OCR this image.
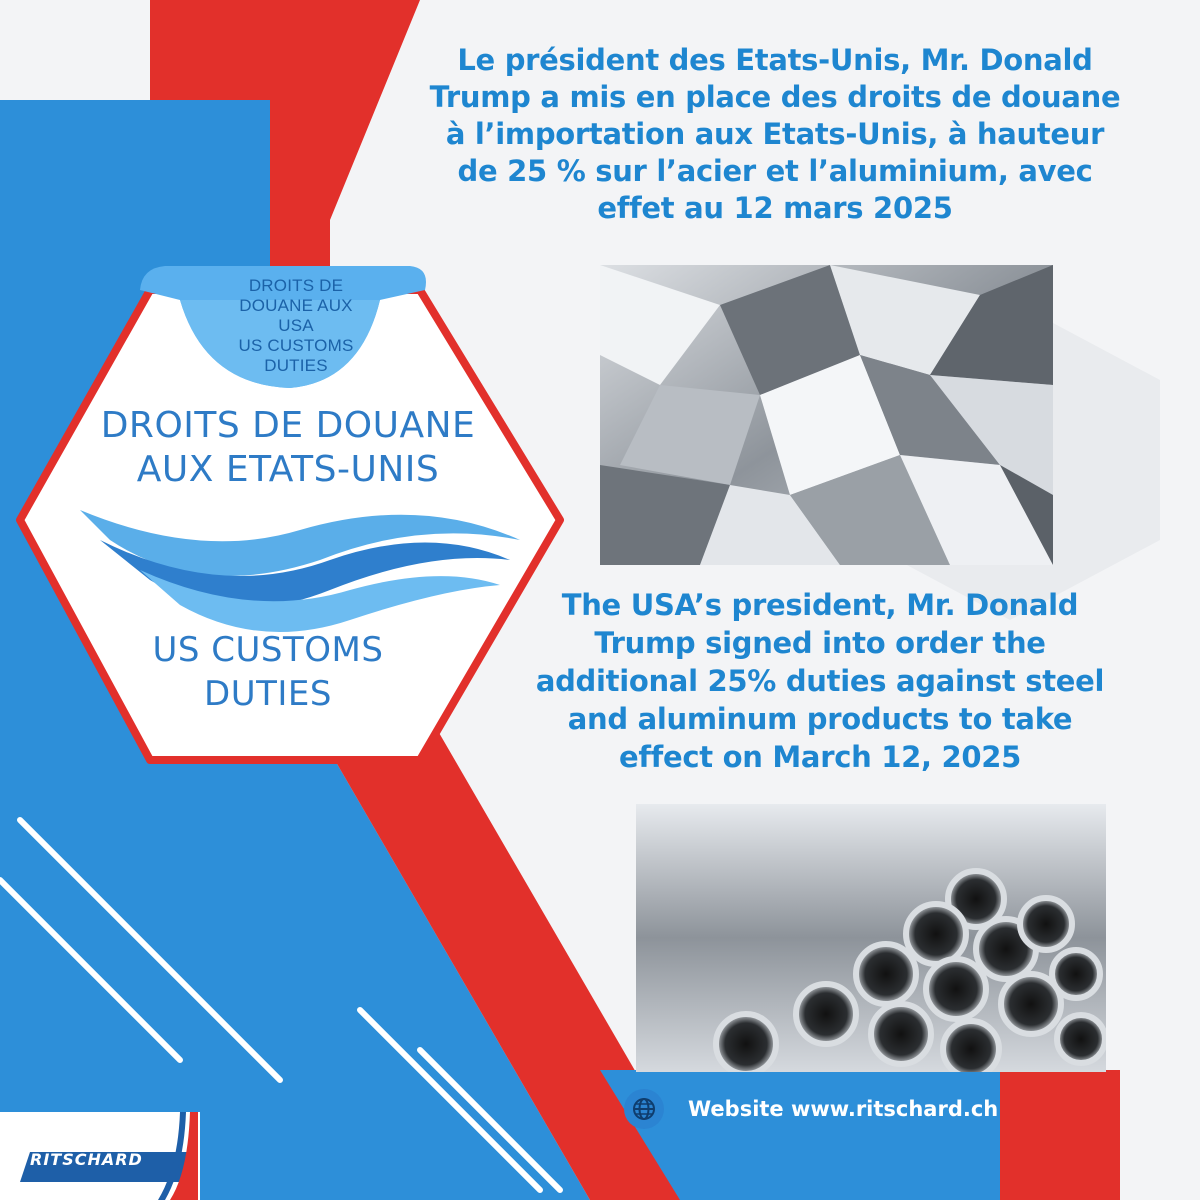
DROITS DE
DOUANE AUX
USA
US CUSTOMS
DUTIES
DROITS DE DOUANE
AUX ETATS-UNIS
US CUSTOMS
DUTIES
Le président des Etats-Unis, Mr. Donald
Trump a mis en place des droits de douane
à l’importation aux Etats-Unis, à hauteur
de 25 % sur l’acier et l’aluminium, avec
effet au 12 mars 2025
The USA’s president, Mr. Donald
Trump signed into order the
additional 25% duties against steel
and aluminum products to take
effect on March 12, 2025
Website www.ritschard.ch
RITSCHARD
